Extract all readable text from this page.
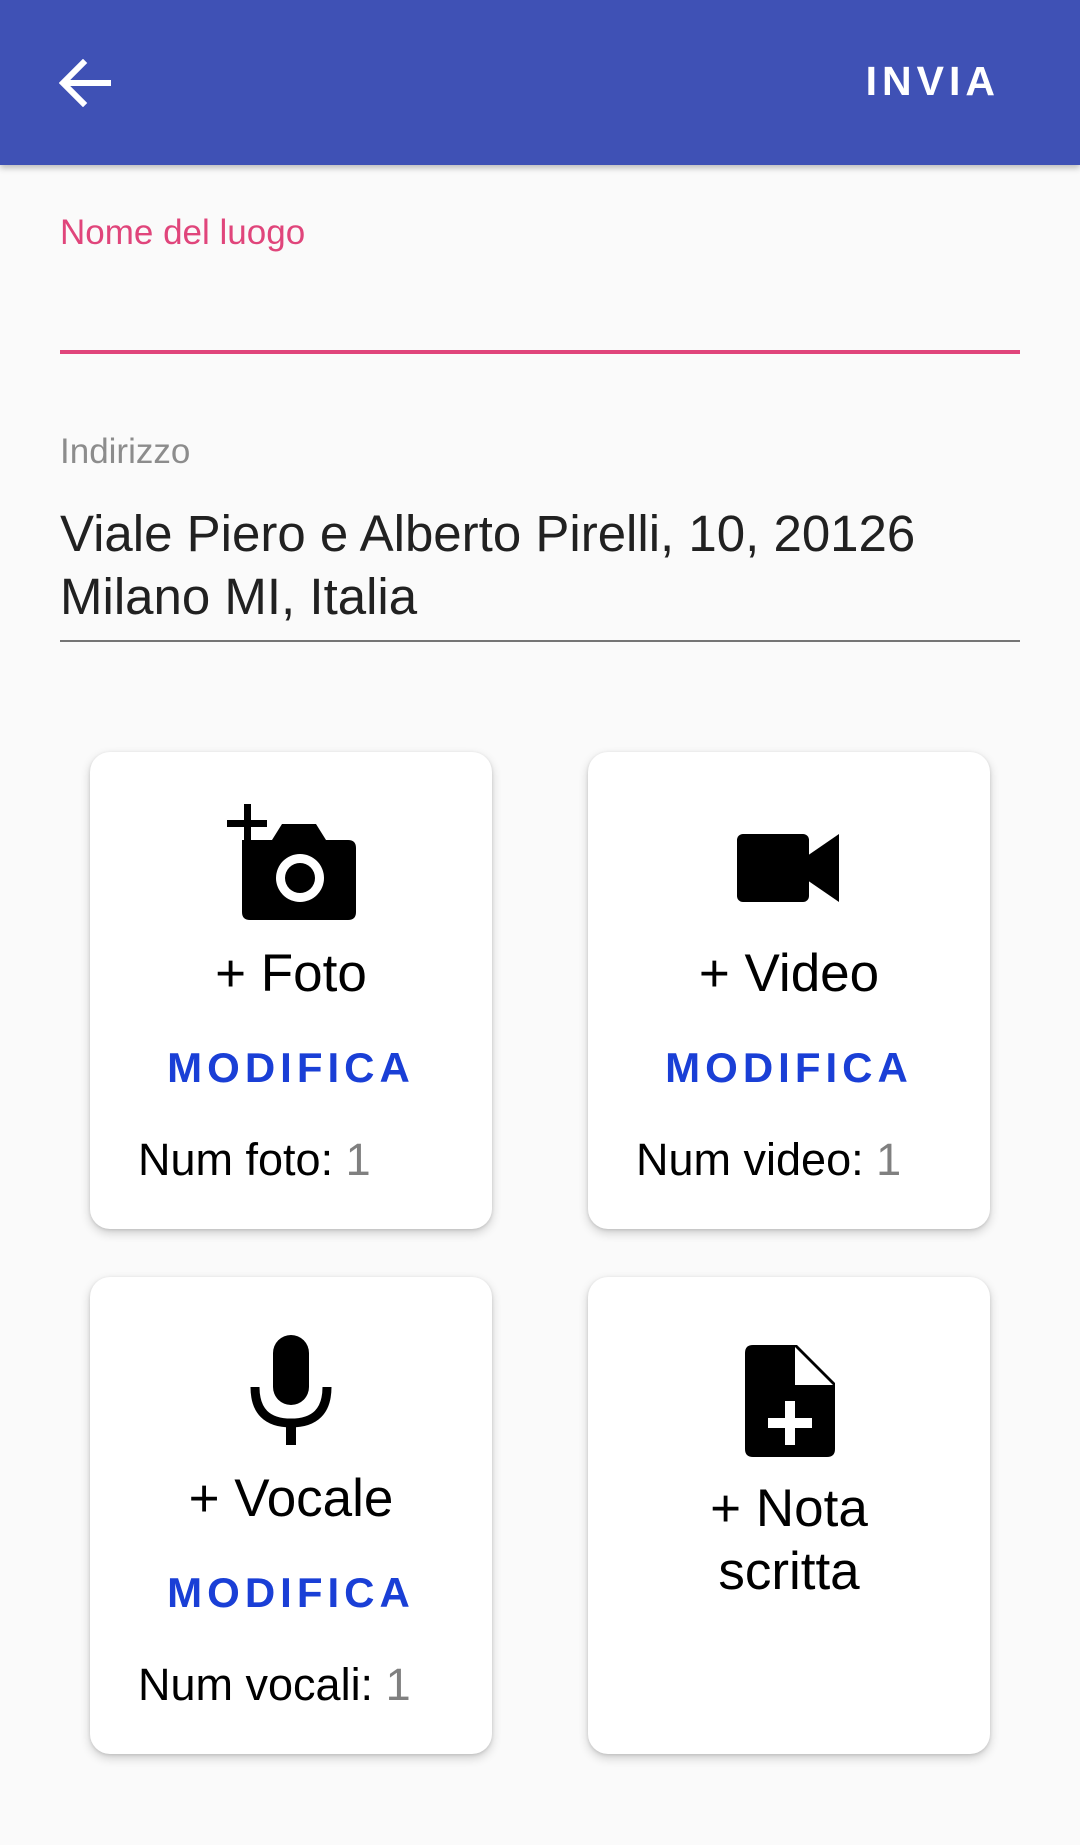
INVIA
Nome del luogo
Indirizzo
Viale Piero e Alberto Pirelli, 10, 20126 Milano MI, Italia
+ Foto
MODIFICA
Num foto: 1
+ Video
MODIFICA
Num video: 1
+ Vocale
MODIFICA
Num vocali: 1
+ Nota
scritta
